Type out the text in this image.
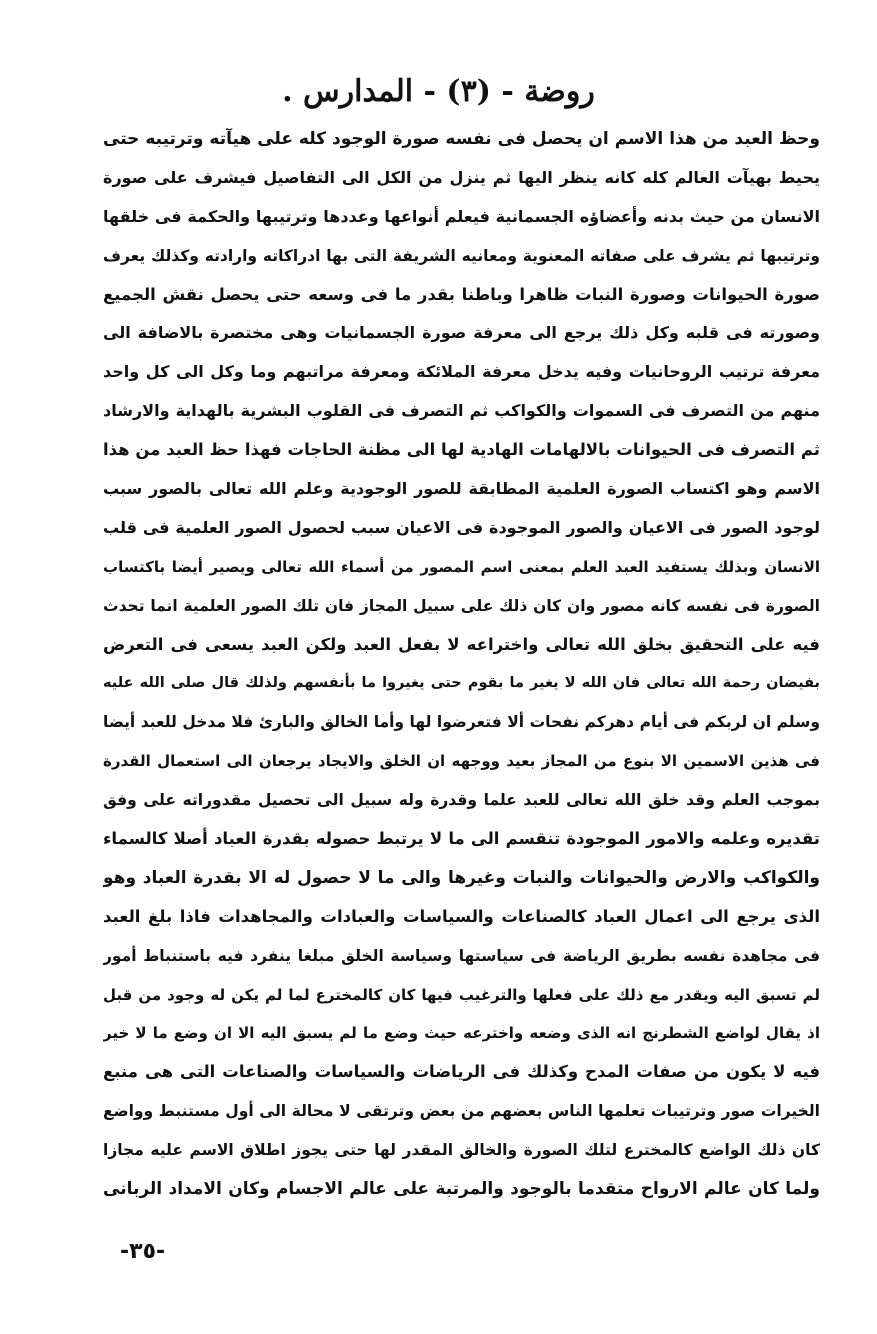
روضة - (٣) - المدارس .
وحظ العبد من هذا الاسم ان يحصل فى نفسه صورة الوجود كله على هيآته وترتيبه حتى
يحيط بهيآت العالم كله كانه ينظر اليها ثم ينزل من الكل الى التفاصيل فيشرف على صورة
الانسان من حيث بدنه وأعضاؤه الجسمانية فيعلم أنواعها وعددها وترتيبها والحكمة فى خلقها
وترتيبها ثم يشرف على صفاته المعنوية ومعانيه الشريفة التى بها ادراكاته وارادته وكذلك يعرف
صورة الحيوانات وصورة النبات ظاهرا وباطنا بقدر ما فى وسعه حتى يحصل نقش الجميع
وصورته فى قلبه وكل ذلك يرجع الى معرفة صورة الجسمانيات وهى مختصرة بالاضافة الى
معرفة ترتيب الروحانيات وفيه يدخل معرفة الملائكة ومعرفة مراتبهم وما وكل الى كل واحد
منهم من التصرف فى السموات والكواكب ثم التصرف فى القلوب البشرية بالهداية والارشاد
ثم التصرف فى الحيوانات بالالهامات الهادية لها الى مظنة الحاجات فهذا حظ العبد من هذا
الاسم وهو اكتساب الصورة العلمية المطابقة للصور الوجودية وعلم الله تعالى بالصور سبب
لوجود الصور فى الاعيان والصور الموجودة فى الاعيان سبب لحصول الصور العلمية فى قلب
الانسان وبذلك يستفيد العبد العلم بمعنى اسم المصور من أسماء الله تعالى ويصير أيضا باكتساب
الصورة فى نفسه كانه مصور وان كان ذلك على سبيل المجاز فان تلك الصور العلمية انما تحدث
فيه على التحقيق بخلق الله تعالى واختراعه لا بفعل العبد ولكن العبد يسعى فى التعرض
بفيضان رحمة الله تعالى فان الله لا يغير ما بقوم حتى يغيروا ما بأنفسهم ولذلك قال صلى الله عليه
وسلم ان لربكم فى أيام دهركم نفحات ألا فتعرضوا لها وأما الخالق والبارئ فلا مدخل للعبد أيضا
فى هذين الاسمين الا بنوع من المجاز بعيد ووجهه ان الخلق والايجاد يرجعان الى استعمال القدرة
بموجب العلم وقد خلق الله تعالى للعبد علما وقدرة وله سبيل الى تحصيل مقدوراته على وفق
تقديره وعلمه والامور الموجودة تنقسم الى ما لا يرتبط حصوله بقدرة العباد أصلا كالسماء
والكواكب والارض والحيوانات والنبات وغيرها والى ما لا حصول له الا بقدرة العباد وهو
الذى يرجع الى اعمال العباد كالصناعات والسياسات والعبادات والمجاهدات فاذا بلغ العبد
فى مجاهدة نفسه بطريق الرياضة فى سياستها وسياسة الخلق مبلغا ينفرد فيه باستنباط أمور
لم تسبق اليه ويقدر مع ذلك على فعلها والترغيب فيها كان كالمخترع لما لم يكن له وجود من قبل
اذ يقال لواضع الشطرنج انه الذى وضعه واخترعه حيث وضع ما لم يسبق اليه الا ان وضع ما لا خير
فيه لا يكون من صفات المدح وكذلك فى الرياضات والسياسات والصناعات التى هى منبع
الخيرات صور وترتيبات تعلمها الناس بعضهم من بعض وترتقى لا محالة الى أول مستنبط وواضع
كان ذلك الواضع كالمخترع لتلك الصورة والخالق المقدر لها حتى يجوز اطلاق الاسم عليه مجازا
ولما كان عالم الارواح متقدما بالوجود والمرتبة على عالم الاجسام وكان الامداد الربانى
-٣٥-
